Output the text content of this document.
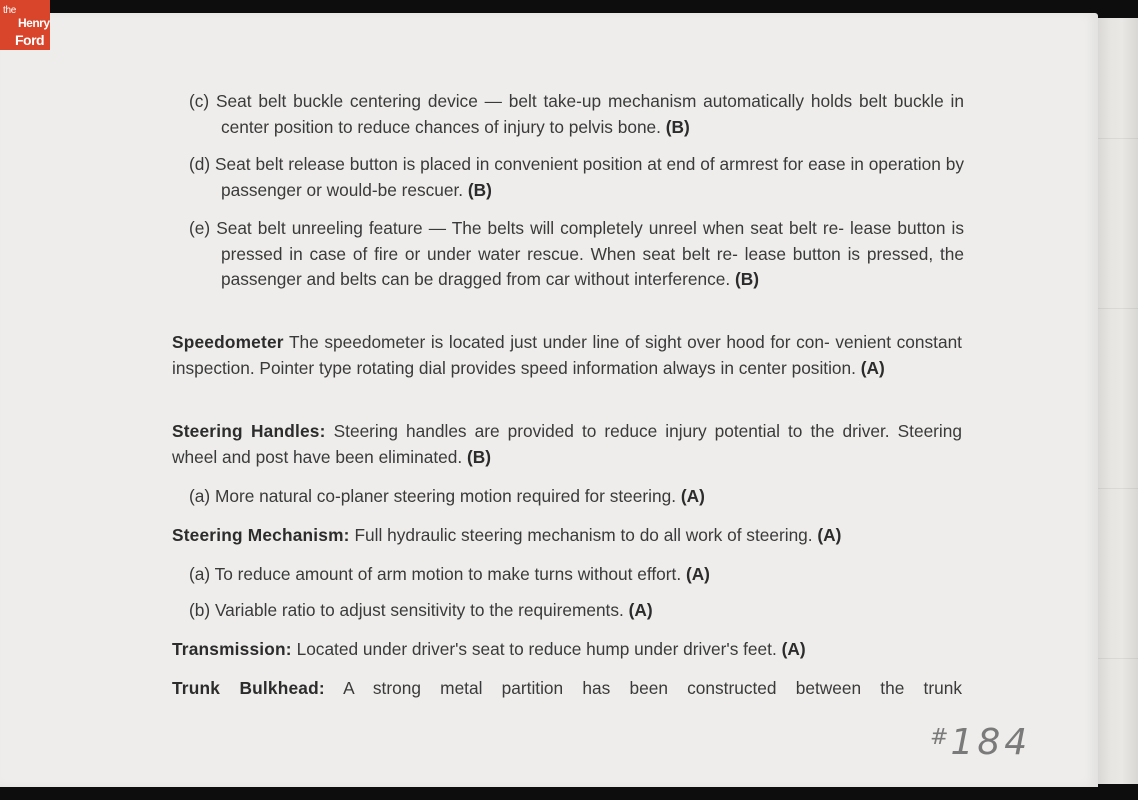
the
Henry
Ford
(c) Seat belt buckle centering device — belt take-up mechanism automatically holds belt buckle in center position to reduce chances of injury to pelvis bone. (B)
(d) Seat belt release button is placed in convenient position at end of armrest for ease in operation by passenger or would-be rescuer. (B)
(e) Seat belt unreeling feature — The belts will completely unreel when seat belt re- lease button is pressed in case of fire or under water rescue. When seat belt re- lease button is pressed, the passenger and belts can be dragged from car without interference. (B)
Speedometer The speedometer is located just under line of sight over hood for con- venient constant inspection. Pointer type rotating dial provides speed information always in center position. (A)
Steering Handles: Steering handles are provided to reduce injury potential to the driver. Steering wheel and post have been eliminated. (B)
(a) More natural co-planer steering motion required for steering. (A)
Steering Mechanism: Full hydraulic steering mechanism to do all work of steering. (A)
(a) To reduce amount of arm motion to make turns without effort. (A)
(b) Variable ratio to adjust sensitivity to the requirements. (A)
Transmission: Located under driver's seat to reduce hump under driver's feet. (A)
Trunk Bulkhead: A strong metal partition has been constructed between the trunk
#184
